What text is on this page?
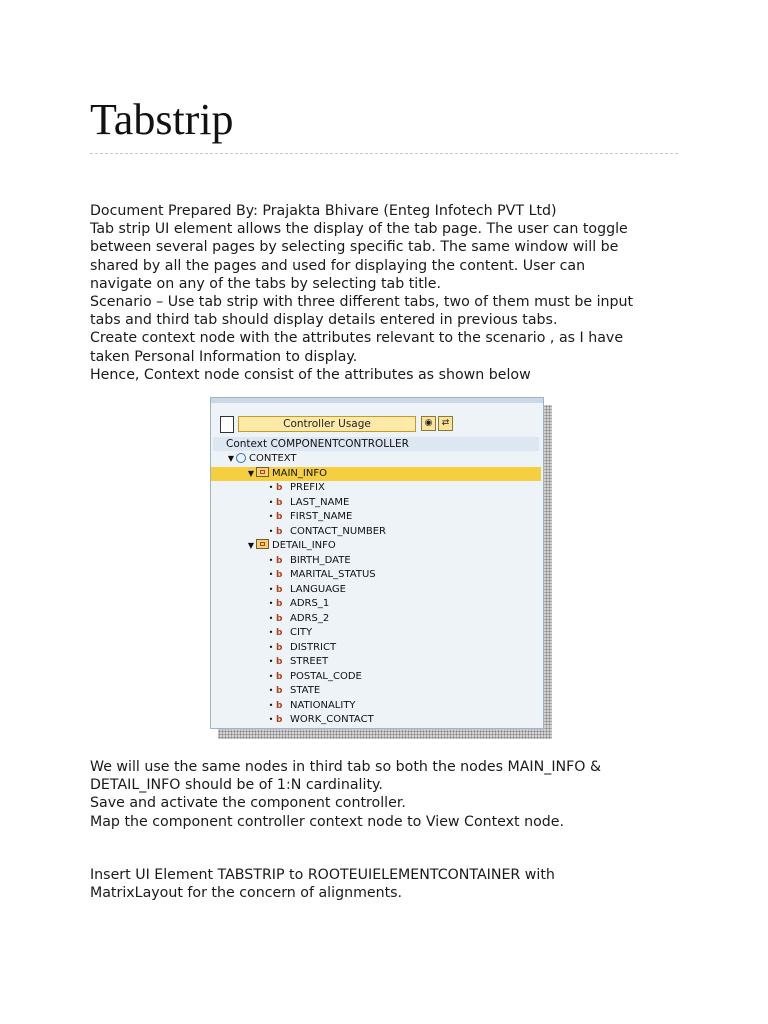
Tabstrip
Document Prepared By: Prajakta Bhivare (Enteg Infotech PVT Ltd)
Tab strip UI element allows the display of the tab page. The user can toggle
between several pages by selecting specific tab. The same window will be
shared by all the pages and used for displaying the content. User can
navigate on any of the tabs by selecting tab title.
Scenario – Use tab strip with three different tabs, two of them must be input
tabs and third tab should display details entered in previous tabs.
Create context node with the attributes relevant to the scenario , as I have
taken Personal Information to display.
Hence, Context node consist of the attributes as shown below
Controller Usage	◉	⇄
Context COMPONENTCONTROLLER
▼ CONTEXT
▼ MAIN_INFO
• b PREFIX
• b LAST_NAME
• b FIRST_NAME
• b CONTACT_NUMBER
▼ DETAIL_INFO
• b BIRTH_DATE
• b MARITAL_STATUS
• b LANGUAGE
• b ADRS_1
• b ADRS_2
• b CITY
• b DISTRICT
• b STREET
• b POSTAL_CODE
• b STATE
• b NATIONALITY
• b WORK_CONTACT
We will use the same nodes in third tab so both the nodes MAIN_INFO &
DETAIL_INFO should be of 1:N cardinality.
Save and activate the component controller.
Map the component controller context node to View Context node.
Insert UI Element TABSTRIP to ROOTEUIELEMENTCONTAINER with
MatrixLayout for the concern of alignments.
